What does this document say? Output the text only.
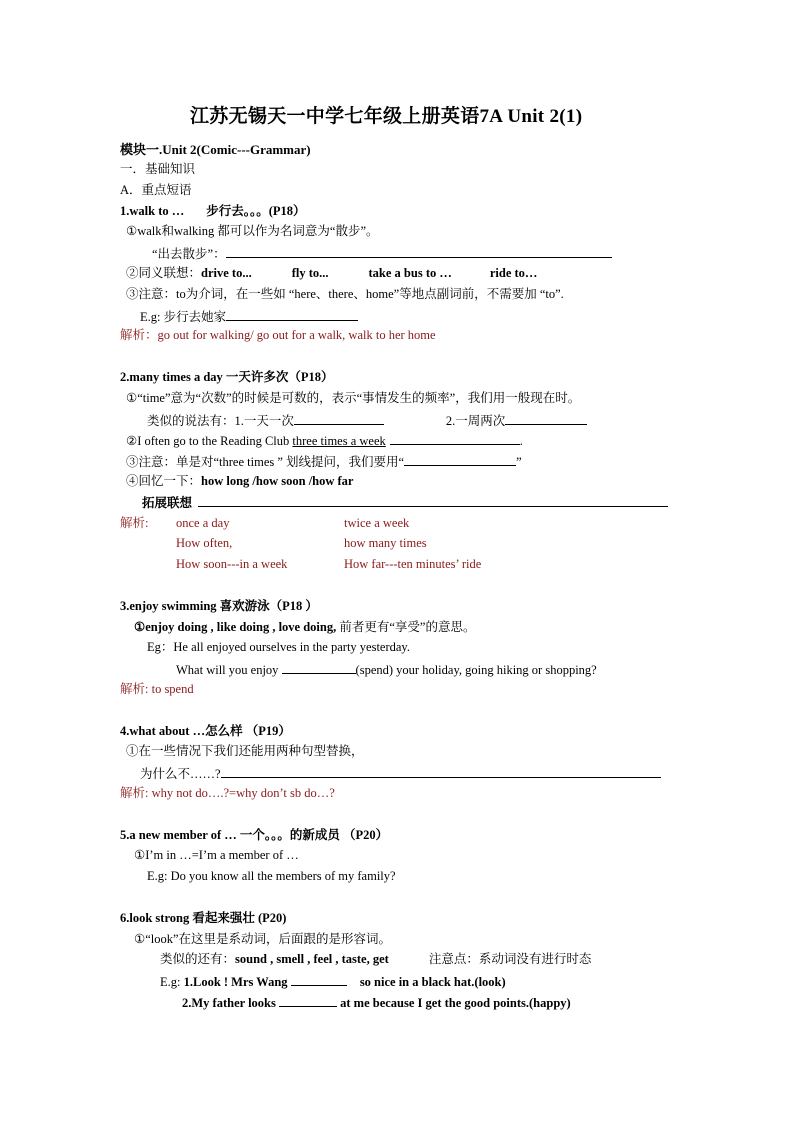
江苏无锡天一中学七年级上册英语7A Unit 2(1)
模块一.Unit 2(Comic---Grammar)
一．基础知识
A．重点短语
1.walk to … 步行去。。。(P18）
①walk和walking 都可以作为名词意为“散步”。
“出去散步”：
②同义联想：drive to...	fly to...	take a bus to …	ride to…
③注意：to为介词，在一些如 “here、there、home”等地点副词前，不需要加 “to”.
E.g: 步行去她家
解析：go out for walking/ go out for a walk, walk to her home
2.many times a day 一天许多次（P18）
①“time”意为“次数”的时候是可数的，表示“事情发生的频率”，我们用一般现在时。
类似的说法有：1.一天一次	2.一周两次
②I often go to the Reading Club three times a week	.
③注意：单是对“three times ” 划线提问，我们要用“	”
④回忆一下：how long /how soon /how far
拓展联想
解析: once a day	twice a week
How often,	how many times
How soon---in a week	How far---ten minutes’ ride
3.enjoy swimming 喜欢游泳（P18 ）
①enjoy doing , like doing , love doing, 前者更有“享受”的意思。
Eg：He all enjoyed ourselves in the party yesterday.
What will you enjoy	(spend) your holiday, going hiking or shopping?
解析: to spend
4.what about …怎么样 （P19）
①在一些情况下我们还能用两种句型替换，
为什么不……?
解析: why not do….?=why don’t sb do…?
5.a new member of … 一个。。。的新成员 （P20）
①I’m in …=I’m a member of …
E.g: Do you know all the members of my family?
6.look strong 看起来强壮 (P20)
①“look”在这里是系动词，后面跟的是形容词。
类似的还有：sound , smell , feel , taste, get	注意点：系动词没有进行时态
E.g: 1.Look ! Mrs Wang	so nice in a black hat.(look)
2.My father looks	at me because I get the good points.(happy)
